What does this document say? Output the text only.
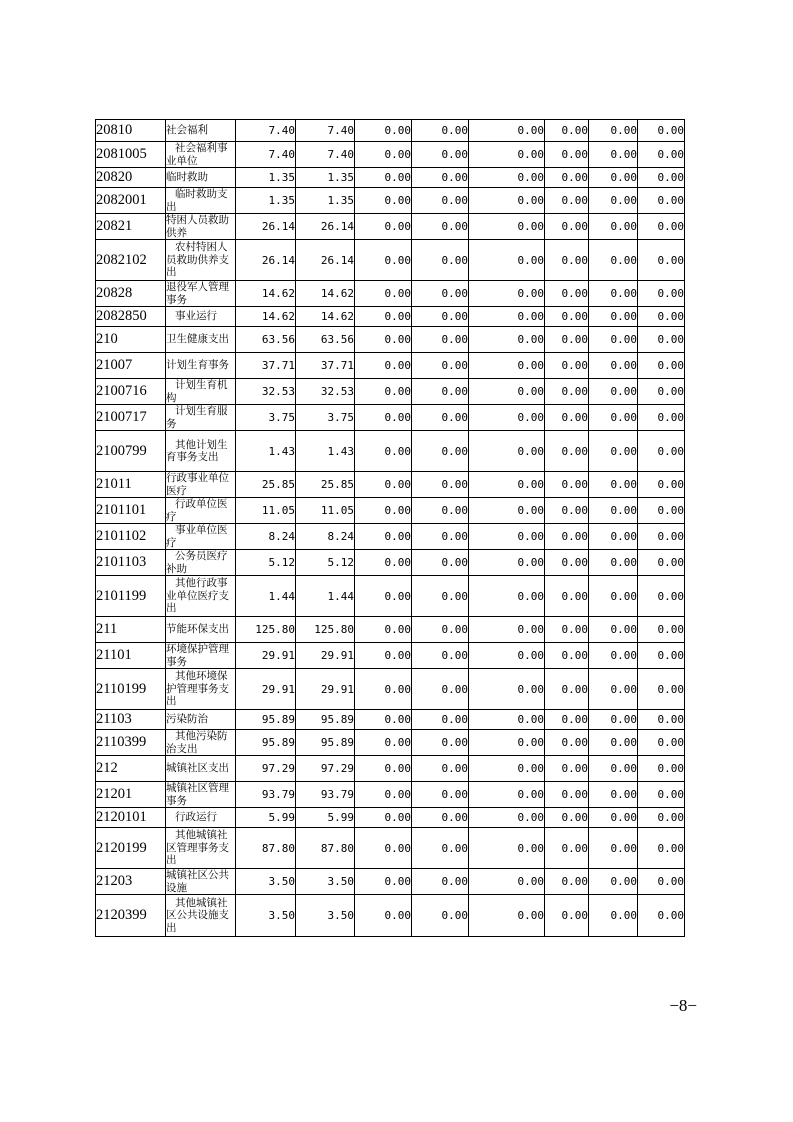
20810	社会福利	7.40	7.40	0.00	0.00	0.00	0.00	0.00	0.00
2081005	社会福利事业单位	7.40	7.40	0.00	0.00	0.00	0.00	0.00	0.00
20820	临时救助	1.35	1.35	0.00	0.00	0.00	0.00	0.00	0.00
2082001	临时救助支出	1.35	1.35	0.00	0.00	0.00	0.00	0.00	0.00
20821	特困人员救助供养	26.14	26.14	0.00	0.00	0.00	0.00	0.00	0.00
2082102	农村特困人员救助供养支出	26.14	26.14	0.00	0.00	0.00	0.00	0.00	0.00
20828	退役军人管理事务	14.62	14.62	0.00	0.00	0.00	0.00	0.00	0.00
2082850	事业运行	14.62	14.62	0.00	0.00	0.00	0.00	0.00	0.00
210	卫生健康支出	63.56	63.56	0.00	0.00	0.00	0.00	0.00	0.00
21007	计划生育事务	37.71	37.71	0.00	0.00	0.00	0.00	0.00	0.00
2100716	计划生育机构	32.53	32.53	0.00	0.00	0.00	0.00	0.00	0.00
2100717	计划生育服务	3.75	3.75	0.00	0.00	0.00	0.00	0.00	0.00
2100799	其他计划生育事务支出	1.43	1.43	0.00	0.00	0.00	0.00	0.00	0.00
21011	行政事业单位医疗	25.85	25.85	0.00	0.00	0.00	0.00	0.00	0.00
2101101	行政单位医疗	11.05	11.05	0.00	0.00	0.00	0.00	0.00	0.00
2101102	事业单位医疗	8.24	8.24	0.00	0.00	0.00	0.00	0.00	0.00
2101103	公务员医疗补助	5.12	5.12	0.00	0.00	0.00	0.00	0.00	0.00
2101199	其他行政事业单位医疗支出	1.44	1.44	0.00	0.00	0.00	0.00	0.00	0.00
211	节能环保支出	125.80	125.80	0.00	0.00	0.00	0.00	0.00	0.00
21101	环境保护管理事务	29.91	29.91	0.00	0.00	0.00	0.00	0.00	0.00
2110199	其他环境保护管理事务支出	29.91	29.91	0.00	0.00	0.00	0.00	0.00	0.00
21103	污染防治	95.89	95.89	0.00	0.00	0.00	0.00	0.00	0.00
2110399	其他污染防治支出	95.89	95.89	0.00	0.00	0.00	0.00	0.00	0.00
212	城镇社区支出	97.29	97.29	0.00	0.00	0.00	0.00	0.00	0.00
21201	城镇社区管理事务	93.79	93.79	0.00	0.00	0.00	0.00	0.00	0.00
2120101	行政运行	5.99	5.99	0.00	0.00	0.00	0.00	0.00	0.00
2120199	其他城镇社区管理事务支出	87.80	87.80	0.00	0.00	0.00	0.00	0.00	0.00
21203	城镇社区公共设施	3.50	3.50	0.00	0.00	0.00	0.00	0.00	0.00
2120399	其他城镇社区公共设施支出	3.50	3.50	0.00	0.00	0.00	0.00	0.00	0.00
−8−
